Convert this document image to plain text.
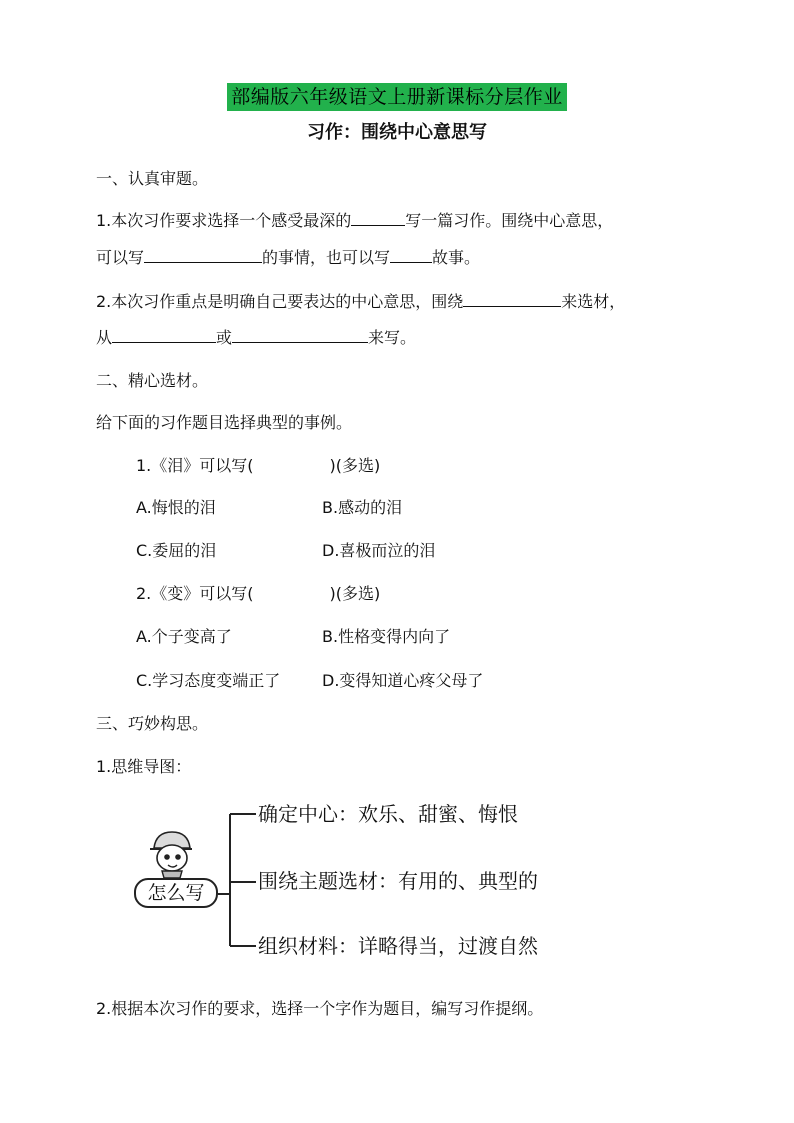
部编版六年级语文上册新课标分层作业
习作：围绕中心意思写
一、认真审题。
1.本次习作要求选择一个感受最深的	写一篇习作。围绕中心意思，
可以写	的事情，也可以写	故事。
2.本次习作重点是明确自己要表达的中心意思，围绕	来选材，
从	或	来写。
二、精心选材。
给下面的习作题目选择典型的事例。
1.《泪》可以写(	)(多选)
A.悔恨的泪	B.感动的泪
C.委屈的泪	D.喜极而泣的泪
2.《变》可以写(	)(多选)
A.个子变高了	B.性格变得内向了
C.学习态度变端正了	D.变得知道心疼父母了
三、巧妙构思。
1.思维导图：
怎么写
确定中心：欢乐、甜蜜、悔恨
围绕主题选材：有用的、典型的
组织材料：详略得当，过渡自然
2.根据本次习作的要求，选择一个字作为题目，编写习作提纲。
